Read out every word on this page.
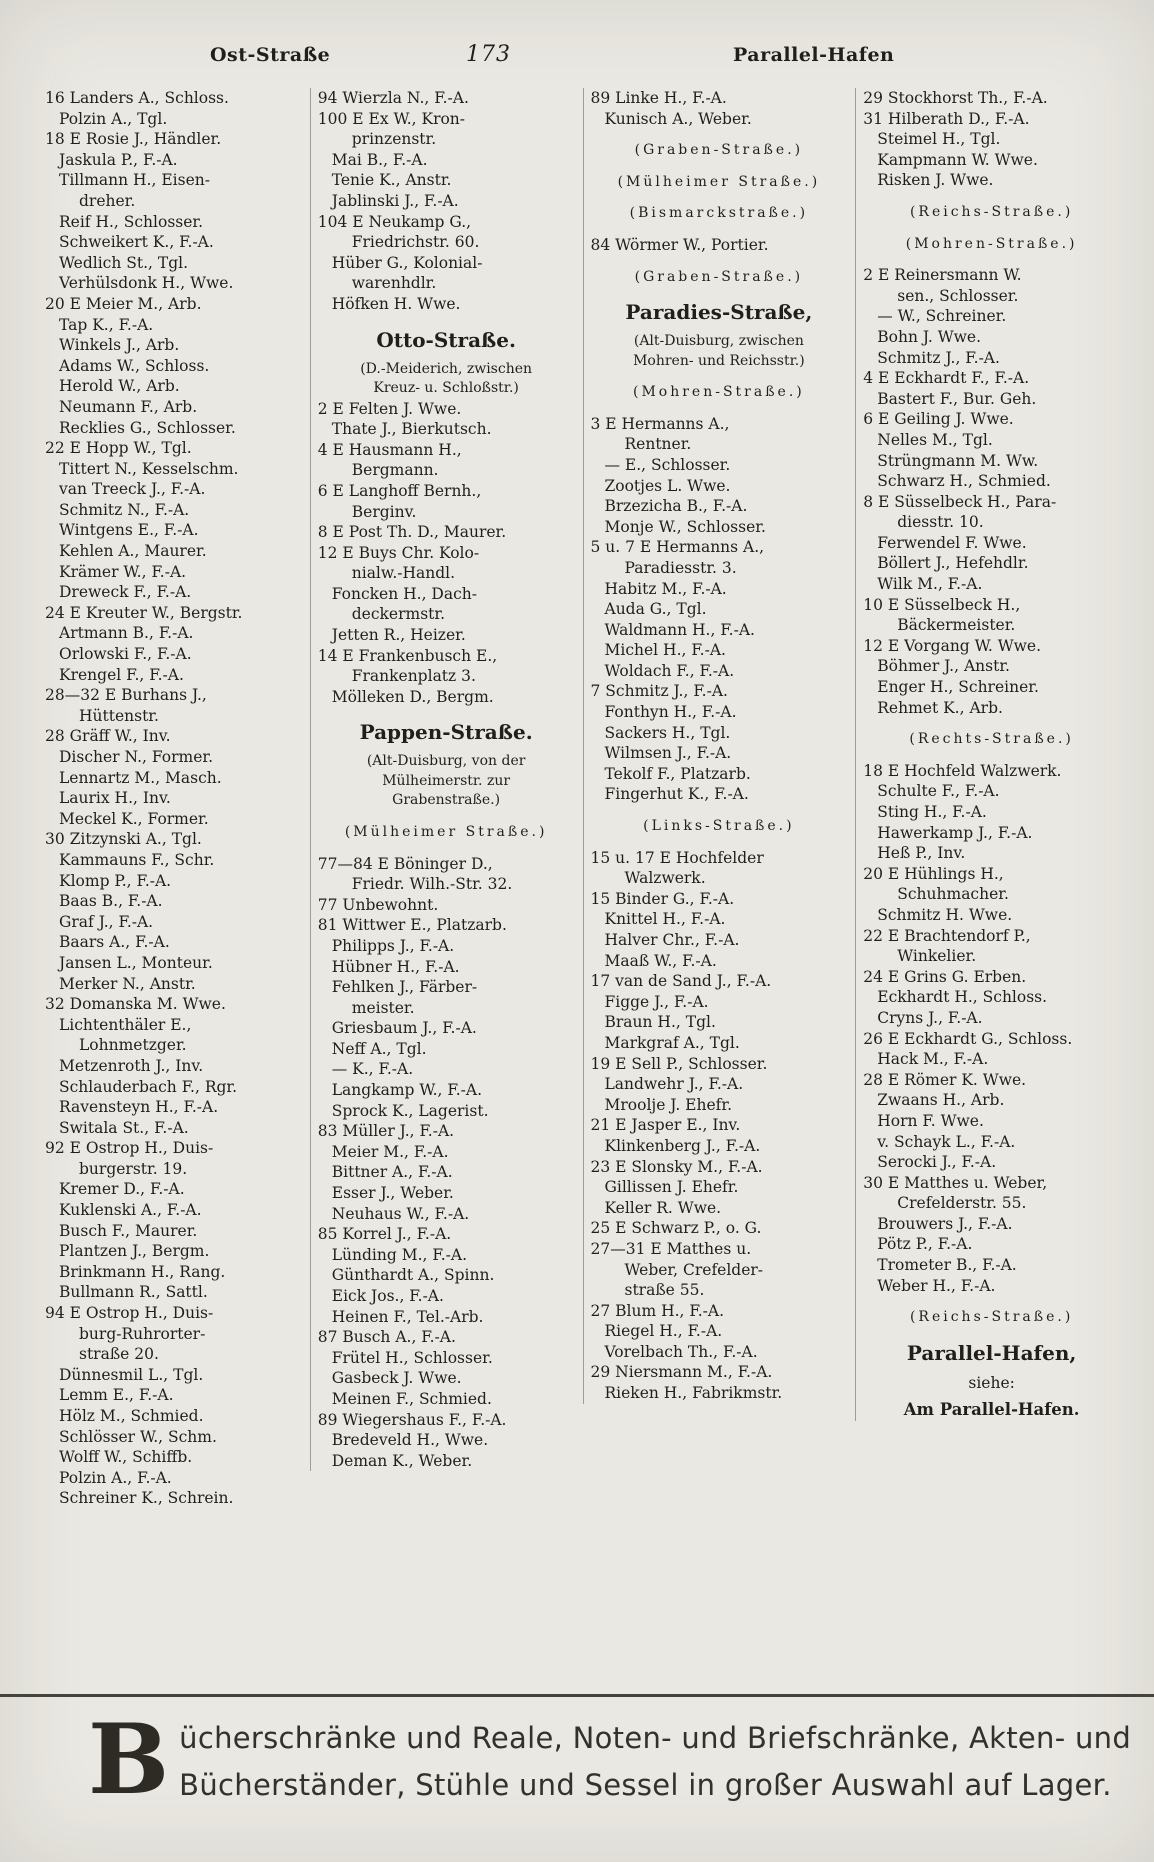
Ost-Straße	173	Parallel-Hafen
16 Landers A., Schloss.
Polzin A., Tgl.
18 E Rosie J., Händler.
Jaskula P., F.-A.
Tillmann H., Eisen-
dreher.
Reif H., Schlosser.
Schweikert K., F.-A.
Wedlich St., Tgl.
Verhülsdonk H., Wwe.
20 E Meier M., Arb.
Tap K., F.-A.
Winkels J., Arb.
Adams W., Schloss.
Herold W., Arb.
Neumann F., Arb.
Recklies G., Schlosser.
22 E Hopp W., Tgl.
Tittert N., Kesselschm.
van Treeck J., F.-A.
Schmitz N., F.-A.
Wintgens E., F.-A.
Kehlen A., Maurer.
Krämer W., F.-A.
Dreweck F., F.-A.
24 E Kreuter W., Bergstr.
Artmann B., F.-A.
Orlowski F., F.-A.
Krengel F., F.-A.
28—32 E Burhans J.,
Hüttenstr.
28 Gräff W., Inv.
Discher N., Former.
Lennartz M., Masch.
Laurix H., Inv.
Meckel K., Former.
30 Zitzynski A., Tgl.
Kammauns F., Schr.
Klomp P., F.-A.
Baas B., F.-A.
Graf J., F.-A.
Baars A., F.-A.
Jansen L., Monteur.
Merker N., Anstr.
32 Domanska M. Wwe.
Lichtenthäler E.,
Lohnmetzger.
Metzenroth J., Inv.
Schlauderbach F., Rgr.
Ravensteyn H., F.-A.
Switala St., F.-A.
92 E Ostrop H., Duis-
burgerstr. 19.
Kremer D., F.-A.
Kuklenski A., F.-A.
Busch F., Maurer.
Plantzen J., Bergm.
Brinkmann H., Rang.
Bullmann R., Sattl.
94 E Ostrop H., Duis-
burg-Ruhrorter-
straße 20.
Dünnesmil L., Tgl.
Lemm E., F.-A.
Hölz M., Schmied.
Schlösser W., Schm.
Wolff W., Schiffb.
Polzin A., F.-A.
Schreiner K., Schrein.
94 Wierzla N., F.-A.
100 E Ex W., Kron-
prinzenstr.
Mai B., F.-A.
Tenie K., Anstr.
Jablinski J., F.-A.
104 E Neukamp G.,
Friedrichstr. 60.
Hüber G., Kolonial-
warenhdlr.
Höfken H. Wwe.
Otto-Straße.
(D.-Meiderich, zwischen
Kreuz- u. Schloßstr.)
2 E Felten J. Wwe.
Thate J., Bierkutsch.
4 E Hausmann H.,
Bergmann.
6 E Langhoff Bernh.,
Berginv.
8 E Post Th. D., Maurer.
12 E Buys Chr. Kolo-
nialw.-Handl.
Foncken H., Dach-
deckermstr.
Jetten R., Heizer.
14 E Frankenbusch E.,
Frankenplatz 3.
Mölleken D., Bergm.
Pappen-Straße.
(Alt-Duisburg, von der
Mülheimerstr. zur
Grabenstraße.)
(Mülheimer Straße.)
77—84 E Böninger D.,
Friedr. Wilh.-Str. 32.
77 Unbewohnt.
81 Wittwer E., Platzarb.
Philipps J., F.-A.
Hübner H., F.-A.
Fehlken J., Färber-
meister.
Griesbaum J., F.-A.
Neff A., Tgl.
— K., F.-A.
Langkamp W., F.-A.
Sprock K., Lagerist.
83 Müller J., F.-A.
Meier M., F.-A.
Bittner A., F.-A.
Esser J., Weber.
Neuhaus W., F.-A.
85 Korrel J., F.-A.
Lünding M., F.-A.
Günthardt A., Spinn.
Eick Jos., F.-A.
Heinen F., Tel.-Arb.
87 Busch A., F.-A.
Frütel H., Schlosser.
Gasbeck J. Wwe.
Meinen F., Schmied.
89 Wiegershaus F., F.-A.
Bredeveld H., Wwe.
Deman K., Weber.
89 Linke H., F.-A.
Kunisch A., Weber.
(Graben-Straße.)
(Mülheimer Straße.)
(Bismarckstraße.)
84 Wörmer W., Portier.
(Graben-Straße.)
Paradies-Straße,
(Alt-Duisburg, zwischen
Mohren- und Reichsstr.)
(Mohren-Straße.)
3 E Hermanns A.,
Rentner.
— E., Schlosser.
Zootjes L. Wwe.
Brzezicha B., F.-A.
Monje W., Schlosser.
5 u. 7 E Hermanns A.,
Paradiesstr. 3.
Habitz M., F.-A.
Auda G., Tgl.
Waldmann H., F.-A.
Michel H., F.-A.
Woldach F., F.-A.
7 Schmitz J., F.-A.
Fonthyn H., F.-A.
Sackers H., Tgl.
Wilmsen J., F.-A.
Tekolf F., Platzarb.
Fingerhut K., F.-A.
(Links-Straße.)
15 u. 17 E Hochfelder
Walzwerk.
15 Binder G., F.-A.
Knittel H., F.-A.
Halver Chr., F.-A.
Maaß W., F.-A.
17 van de Sand J., F.-A.
Figge J., F.-A.
Braun H., Tgl.
Markgraf A., Tgl.
19 E Sell P., Schlosser.
Landwehr J., F.-A.
Mroolje J. Ehefr.
21 E Jasper E., Inv.
Klinkenberg J., F.-A.
23 E Slonsky M., F.-A.
Gillissen J. Ehefr.
Keller R. Wwe.
25 E Schwarz P., o. G.
27—31 E Matthes u.
Weber, Crefelder-
straße 55.
27 Blum H., F.-A.
Riegel H., F.-A.
Vorelbach Th., F.-A.
29 Niersmann M., F.-A.
Rieken H., Fabrikmstr.
29 Stockhorst Th., F.-A.
31 Hilberath D., F.-A.
Steimel H., Tgl.
Kampmann W. Wwe.
Risken J. Wwe.
(Reichs-Straße.)
(Mohren-Straße.)
2 E Reinersmann W.
sen., Schlosser.
— W., Schreiner.
Bohn J. Wwe.
Schmitz J., F.-A.
4 E Eckhardt F., F.-A.
Bastert F., Bur. Geh.
6 E Geiling J. Wwe.
Nelles M., Tgl.
Strüngmann M. Ww.
Schwarz H., Schmied.
8 E Süsselbeck H., Para-
diesstr. 10.
Ferwendel F. Wwe.
Böllert J., Hefehdlr.
Wilk M., F.-A.
10 E Süsselbeck H.,
Bäckermeister.
12 E Vorgang W. Wwe.
Böhmer J., Anstr.
Enger H., Schreiner.
Rehmet K., Arb.
(Rechts-Straße.)
18 E Hochfeld Walzwerk.
Schulte F., F.-A.
Sting H., F.-A.
Hawerkamp J., F.-A.
Heß P., Inv.
20 E Hühlings H.,
Schuhmacher.
Schmitz H. Wwe.
22 E Brachtendorf P.,
Winkelier.
24 E Grins G. Erben.
Eckhardt H., Schloss.
Cryns J., F.-A.
26 E Eckhardt G., Schloss.
Hack M., F.-A.
28 E Römer K. Wwe.
Zwaans H., Arb.
Horn F. Wwe.
v. Schayk L., F.-A.
Serocki J., F.-A.
30 E Matthes u. Weber,
Crefelderstr. 55.
Brouwers J., F.-A.
Pötz P., F.-A.
Trometer B., F.-A.
Weber H., F.-A.
(Reichs-Straße.)
Parallel-Hafen,
siehe:
Am Parallel-Hafen.
B ücherschränke und Reale, Noten- und Briefschränke, Akten- und
Bücherständer, Stühle und Sessel in großer Auswahl auf Lager.
